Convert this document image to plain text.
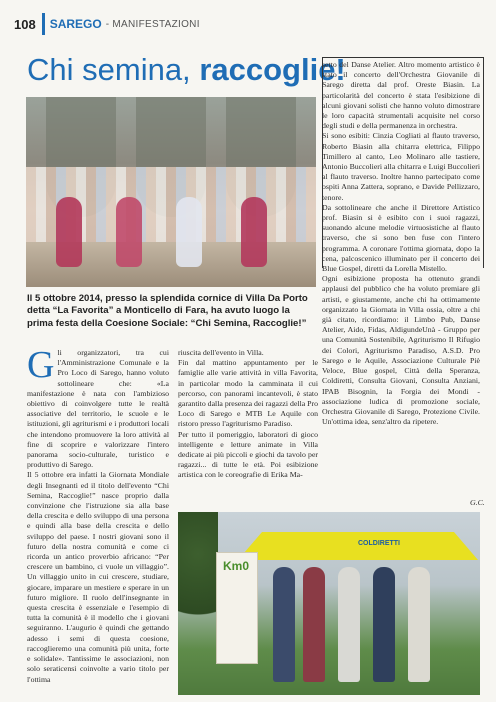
108 SAREGO - MANIFESTAZIONI
Chi semina, raccoglie!
Il 5 ottobre 2014, presso la splendida cornice di Villa Da Porto detta “La Favorita” a Monticello di Fara, ha avuto luogo la prima festa della Coesione Sociale: “Chi Semina, Raccoglie!”
Gli organizzatori, tra cui l'Amministrazione Comunale e la Pro Loco di Sarego, hanno voluto sottolineare che: «La manifestazione è nata con l'ambizioso obiettivo di coinvolgere tutte le realtà associative del territorio, le scuole e le istituzioni, gli agriturismi e i produttori locali che intendono promuovere la loro attività al fine di scoprire e valorizzare l'intero panorama socio-culturale, turistico e produttivo di Sarego.
Il 5 ottobre era infatti la Giornata Mondiale degli Insegnanti ed il titolo dell'evento “Chi Semina, Raccoglie!” nasce proprio dalla convinzione che l'istruzione sia alla base della crescita e dello sviluppo di una persona e quindi alla base della crescita e dello sviluppo del paese. I nostri giovani sono il futuro della nostra comunità e come ci ricorda un antico proverbio africano: “Per crescere un bambino, ci vuole un villaggio”. Un villaggio unito in cui crescere, studiare, giocare, imparare un mestiere e sperare in un futuro migliore. Il ruolo dell'insegnante in questa crescita è essenziale e l'esempio di tutta la comunità è il modello che i giovani seguiranno. L'augurio è quindi che gettando adesso i semi di questa coesione, raccoglieremo una comunità più unita, forte e solidale». Tantissime le associazioni, non solo seraticensi coinvolte a vario titolo per l'ottima
riuscita dell'evento in Villa.
Fin dal mattino appuntamento per le famiglie alle varie attività in villa Favorita, in particolar modo la camminata il cui percorso, con panorami incantevoli, è stato garantito dalla presenza dei ragazzi della Pro Loco di Sarego e MTB Le Aquile con ristoro presso l'agriturismo Paradiso.
Per tutto il pomeriggio, laboratori di gioco intelligente e letture animate in Villa dedicate ai più piccoli e giochi da tavolo per ragazzi... di tutte le età. Poi esibizione artistica con le coreografie di Erika Ma-
setto del Danse Atelier. Altro momento artistico è stato il concerto dell'Orchestra Giovanile di Sarego diretta dal prof. Oreste Biasin. La particolarità del concerto è stata l'esibizione di alcuni giovani solisti che hanno voluto dimostrare le loro capacità strumentali acquisite nel corso degli studi e della permanenza in orchestra.
Si sono esibiti: Cinzia Cogliati al flauto traverso, Roberto Biasin alla chitarra elettrica, Filippo Timillero al canto, Leo Molinaro alle tastiere, Antonio Buccolieri alla chitarra e Luigi Buccolieri al flauto traverso. Inoltre hanno partecipato come ospiti Anna Zattera, soprano, e Davide Pellizzaro, tenore.
Da sottolineare che anche il Direttore Artistico prof. Biasin si è esibito con i suoi ragazzi, suonando alcune melodie virtuosistiche al flauto traverso, che si sono ben fuse con l'intero programma. A coronare l'ottima giornata, dopo la cena, palcoscenico illuminato per il concerto dei Blue Gospel, diretti da Lorella Mistello.
Ogni esibizione proposta ha ottenuto grandi applausi del pubblico che ha voluto premiare gli artisti, e giustamente, anche chi ha ottimamente organizzato la Giornata in Villa ossia, oltre a chi già citato, ricordiamo: il Limbo Pub, Danse Atelier, Aido, Fidas, AldigundeUnà - Gruppo per una Comunità Sostenibile, Agriturismo Il Rifugio dei Colori, Agriturismo Paradiso, A.S.D. Pro Sarego e le Aquile, Associazione Culturale Piè Veloce, Blue gospel, Città della Speranza, Coldiretti, Consulta Giovani, Consulta Anziani, IPAB Bisognin, la Forgia dei Mondi - associazione ludica di promozione sociale, Orchestra Giovanile di Sarego, Protezione Civile. Un'ottima idea, senz'altro da ripetere.
G.C.
COLDIRETTI
Km0
